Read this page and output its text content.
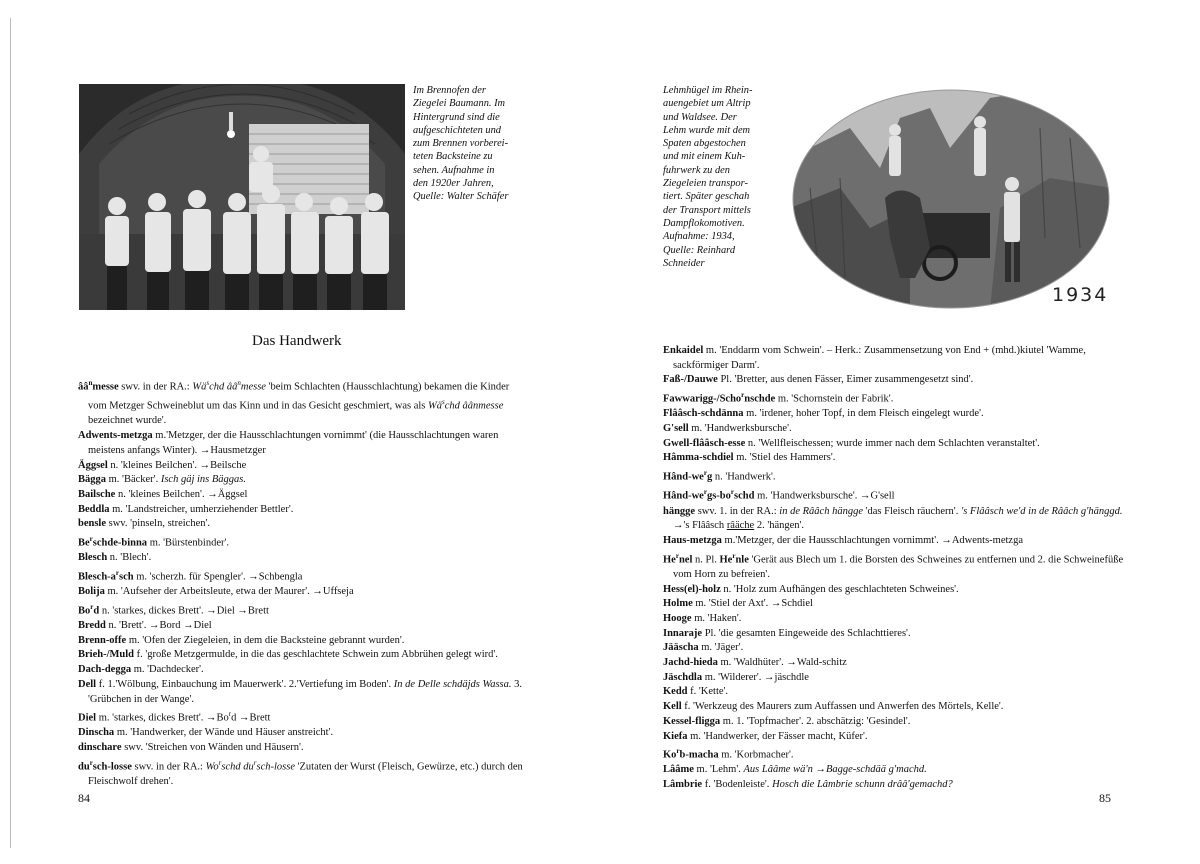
Im Brennofen der
Ziegelei Baumann. Im
Hintergrund sind die
aufgeschichteten und
zum Brennen vorberei-
teten Backsteine zu
sehen. Aufnahme in
den 1920er Jahren,
Quelle: Walter Schäfer
Das Handwerk
$ââ^nmesse$ swv. in der RA.: $Wä^schd$ $ââ^nmesse$ 'beim Schlachten (Hausschlachtung) bekamen die Kinder vom Metzger Schweineblut um das Kinn und in das Gesicht geschmiert, was als $Wä^schd$ âânmesse bezeichnet wurde'.
Adwents-metzga m.'Metzger, der die Hausschlachtungen vornimmt' (die Hausschlachtungen waren meistens anfangs Winter). →Hausmetzger
Äggsel n. 'kleines Beilchen'. →Beilsche
Bägga m. 'Bäcker'. Isch gäj ins Bäggas.
Bailsche n. 'kleines Beilchen'. →Äggsel
Beddla m. 'Landstreicher, umherziehender Bettler'.
bensle swv. 'pinseln, streichen'.
Be$^r$schde-binna m. 'Bürstenbinder'.
Blesch n. 'Blech'.
Blesch-$a^rsch$ m. 'scherzh. für Spengler'. →Schbengla
Bolija m. 'Aufseher der Arbeitsleute, etwa der Maurer'. →Uffseja
Bo$^r$d n. 'starkes, dickes Brett'. →Diel →Brett
Bredd n. 'Brett'. →Bord →Diel
Brenn-offe m. 'Ofen der Ziegeleien, in dem die Backsteine gebrannt wurden'.
Brieh-/Muld f. 'große Metzgermulde, in die das geschlachtete Schwein zum Abbrühen gelegt wird'.
Dach-degga m. 'Dachdecker'.
Dell f. 1.'Wölbung, Einbauchung im Mauerwerk'. 2.'Vertiefung im Boden'. In de Delle schdäjds Wassa. 3. 'Grübchen in der Wange'.
Diel m. 'starkes, dickes Brett'. $\to Bo^rd$ →Brett
Dinscha m. 'Handwerker, der Wände und Häuser anstreicht'.
dinschare swv. 'Streichen von Wänden und Häusern'.
$du^rsch$-losse swv. in der RA.: Wo$^r$schd $du^rsch$-losse 'Zutaten der Wurst (Fleisch, Gewürze, etc.) durch den Fleischwolf drehen'.
84
Lehmhügel im Rhein-
auengebiet um Altrip
und Waldsee. Der
Lehm wurde mit dem
Spaten abgestochen
und mit einem Kuh-
fuhrwerk zu den
Ziegeleien transpor-
tiert. Später geschah
der Transport mittels
Dampflokomotiven.
Aufnahme: 1934,
Quelle: Reinhard
Schneider
1934
Enkaidel m. 'Enddarm vom Schwein'. – Herk.: Zusammensetzung von End + (mhd.)kiutel 'Wamme, sackförmiger Darm'.
Faß-/Dauwe Pl. 'Bretter, aus denen Fässer, Eimer zusammengesetzt sind'.
Fawwarigg-/Scho$^r$nschde m. 'Schornstein der Fabrik'.
Flââsch-schdänna m. 'irdener, hoher Topf, in dem Fleisch eingelegt wurde'.
G'sell m. 'Handwerksbursche'.
Gwell-flââsch-esse n. 'Wellfleischessen; wurde immer nach dem Schlachten veranstaltet'.
Hâmma-schdiel m. 'Stiel des Hammers'.
Hând-$we^rg$ n. 'Handwerk'.
Hând-$we^rgs-bo^rschd$ m. 'Handwerksbursche'. →G'sell
hängge swv. 1. in der RA.: in de Rââch hängge 'das Fleisch räuchern'. 's Flââsch we'd in de Rââch g'hänggd. →'s Flââsch râäche 2. 'hängen'.
Haus-metzga m.'Metzger, der die Hausschlachtungen vornimmt'. →Adwents-metzga
He$^r$nel n. Pl. He$^r$nle 'Gerät aus Blech um 1. die Borsten des Schweines zu entfernen und 2. die Schweinefüße vom Horn zu befreien'.
Hess(el)-holz n. 'Holz zum Aufhängen des geschlachteten Schweines'.
Holme m. 'Stiel der Axt'. →Schdiel
Hooge m. 'Haken'.
Innaraje Pl. 'die gesamten Eingeweide des Schlachttieres'.
Jääscha m. 'Jäger'.
Jachd-hieda m. 'Waldhüter'. →Wald-schitz
Jäschdla m. 'Wilderer'. →jäschdle
Kedd f. 'Kette'.
Kell f. 'Werkzeug des Maurers zum Auffassen und Anwerfen des Mörtels, Kelle'.
Kessel-fligga m. 1. 'Topfmacher'. 2. abschätzig: 'Gesindel'.
Kiefa m. 'Handwerker, der Fässer macht, Küfer'.
Ko$^r$b-macha m. 'Korbmacher'.
Lââme m. 'Lehm'. Aus Lââme wä'n →Bagge-schdää g'machd.
Lâmbrie f. 'Bodenleiste'. Hosch die Lâmbrie schunn drââ'gemachd?
85
